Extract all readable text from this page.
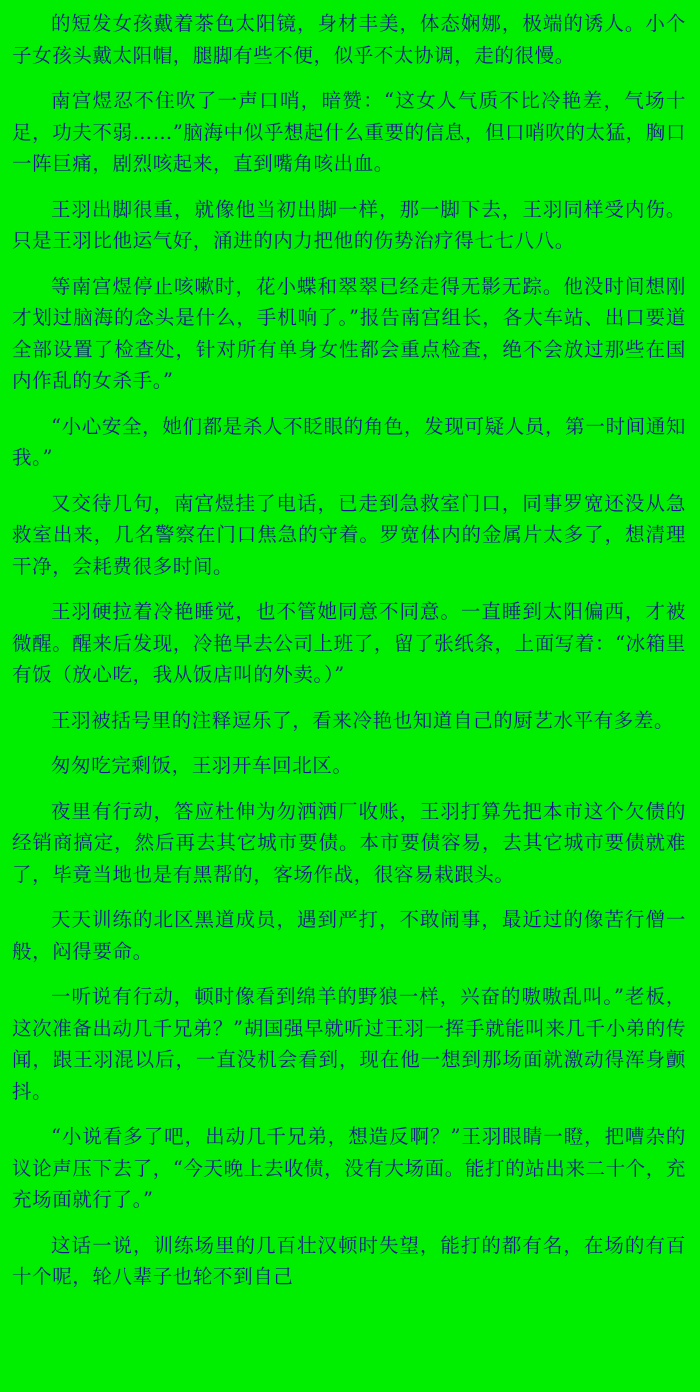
的短发女孩戴着茶色太阳镜，身材丰美，体态娴娜，极端的诱人。小个子女孩头戴太阳帽，腿脚有些不便，似乎不太协调，走的很慢。

南宫煜忍不住吹了一声口哨，暗赞：“这女人气质不比冷艳差，气场十足，功夫不弱……”脑海中似乎想起什么重要的信息，但口哨吹的太猛，胸口一阵巨痛，剧烈咳起来，直到嘴角咳出血。

王羽出脚很重，就像他当初出脚一样，那一脚下去，王羽同样受内伤。只是王羽比他运气好，涌进的内力把他的伤势治疗得七七八八。

等南宫煜停止咳嗽时，花小蝶和翠翠已经走得无影无踪。他没时间想刚才划过脑海的念头是什么，手机响了。”报告南宫组长，各大车站、出口要道全部设置了检查处，针对所有单身女性都会重点检查，绝不会放过那些在国内作乱的女杀手。”

“小心安全，她们都是杀人不眨眼的角色，发现可疑人员，第一时间通知我。”

又交待几句，南宫煜挂了电话，已走到急救室门口，同事罗宽还没从急救室出来，几名警察在门口焦急的守着。罗宽体内的金属片太多了，想清理干净，会耗费很多时间。

王羽硬拉着冷艳睡觉，也不管她同意不同意。一直睡到太阳偏西，才被微醒。醒来后发现，冷艳早去公司上班了，留了张纸条，上面写着：“冰箱里有饭（放心吃，我从饭店叫的外卖。）”

王羽被括号里的注释逗乐了，看来冷艳也知道自己的厨艺水平有多差。

匆匆吃完剩饭，王羽开车回北区。

夜里有行动，答应杜伸为勿洒洒厂收账，王羽打算先把本市这个欠债的经销商搞定，然后再去其它城市要债。本市要债容易，去其它城市要债就难了，毕竟当地也是有黑帮的，客场作战，很容易栽跟头。

天天训练的北区黑道成员，遇到严打，不敢闹事，最近过的像苦行僧一般，闷得要命。

一听说有行动，顿时像看到绵羊的野狼一样，兴奋的嗷嗷乱叫。”老板，这次准备出动几千兄弟？”胡国强早就听过王羽一挥手就能叫来几千小弟的传闻，跟王羽混以后，一直没机会看到，现在他一想到那场面就激动得浑身颤抖。

“小说看多了吧，出动几千兄弟，想造反啊？”王羽眼睛一瞪，把嘈杂的议论声压下去了，“今天晚上去收债，没有大场面。能打的站出来二十个，充充场面就行了。”

这话一说，训练场里的几百壮汉顿时失望，能打的都有名，在场的有百十个呢，轮八辈子也轮不到自己
